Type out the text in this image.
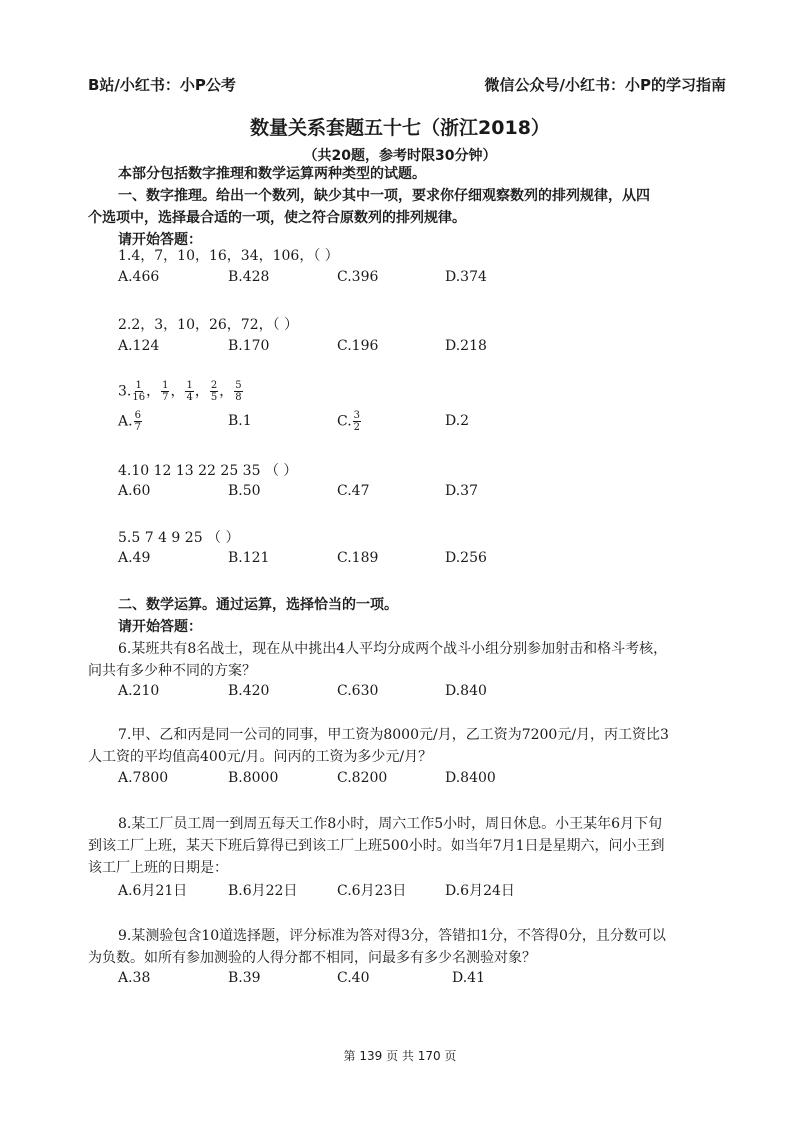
B站/小红书：小P公考	微信公众号/小红书：小P的学习指南
数量关系套题五十七（浙江2018）
（共20题，参考时限30分钟）
本部分包括数字推理和数学运算两种类型的试题。
一、数字推理。给出一个数列，缺少其中一项，要求你仔细观察数列的排列规律，从四
个选项中，选择最合适的一项，使之符合原数列的排列规律。
请开始答题：
1.4，7，10，16，34，106，（ ）
A.466	B.428	C.396	D.374
2.2，3，10，26，72，（ ）
A.124	B.170	C.196	D.218
3. $\frac{1}{16}$ ， $\frac{1}{7}$ ， $\frac{1}{4}$ ， $\frac{2}{5}$ ， $\frac{5}{8}$
A. $\frac{6}{7}$	B.1	C. $\frac{3}{2}$	D.2
4.10 12 13 22 25 35 （ ）
A.60	B.50	C.47	D.37
5.5 7 4 9 25 （ ）
A.49	B.121	C.189	D.256
二、数学运算。通过运算，选择恰当的一项。
请开始答题：
6.某班共有8名战士，现在从中挑出4人平均分成两个战斗小组分别参加射击和格斗考核，
问共有多少种不同的方案？
A.210	B.420	C.630	D.840
7.甲、乙和丙是同一公司的同事，甲工资为8000元/月，乙工资为7200元/月，丙工资比3
人工资的平均值高400元/月。问丙的工资为多少元/月？
A.7800	B.8000	C.8200	D.8400
8.某工厂员工周一到周五每天工作8小时，周六工作5小时，周日休息。小王某年6月下旬
到该工厂上班，某天下班后算得已到该工厂上班500小时。如当年7月1日是星期六，问小王到
该工厂上班的日期是：
A.6月21日	B.6月22日	C.6月23日	D.6月24日
9.某测验包含10道选择题，评分标准为答对得3分，答错扣1分，不答得0分，且分数可以
为负数。如所有参加测验的人得分都不相同，问最多有多少名测验对象？
A.38	B.39	C.40	D.41
第 139 页 共 170 页
